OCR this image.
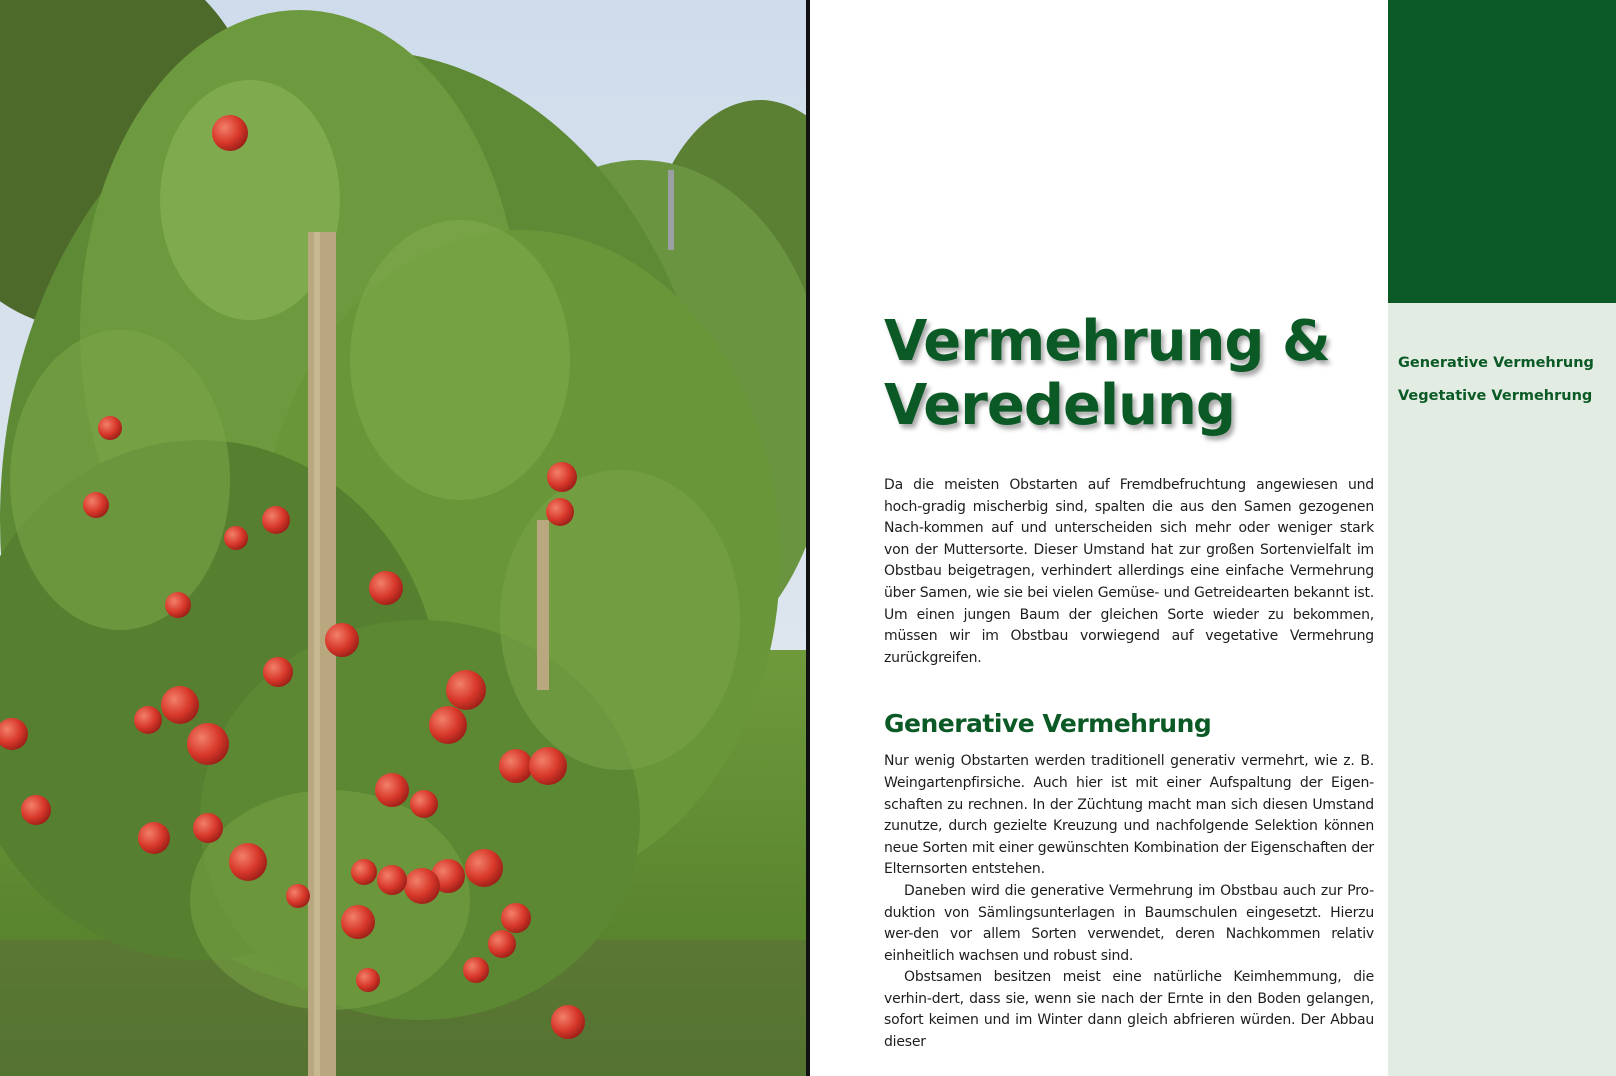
Generative Vermehrung
Vegetative Vermehrung
Vermehrung &
Veredelung

Da die meisten Obstarten auf Fremdbefruchtung angewiesen und hoch-gradig mischerbig sind, spalten die aus den Samen gezogenen Nach-kommen auf und unterscheiden sich mehr oder weniger stark von der Muttersorte. Dieser Umstand hat zur großen Sortenvielfalt im Obstbau beigetragen, verhindert allerdings eine einfache Vermehrung über Samen, wie sie bei vielen Gemüse- und Getreidearten bekannt ist. Um einen jungen Baum der gleichen Sorte wieder zu bekommen, müssen wir im Obstbau vorwiegend auf vegetative Vermehrung zurückgreifen.

Generative Vermehrung

Nur wenig Obstarten werden traditionell generativ vermehrt, wie z. B. Weingartenpfirsiche. Auch hier ist mit einer Aufspaltung der Eigen-schaften zu rechnen. In der Züchtung macht man sich diesen Umstand zunutze, durch gezielte Kreuzung und nachfolgende Selektion können neue Sorten mit einer gewünschten Kombination der Eigenschaften der Elternsorten entstehen.

Daneben wird die generative Vermehrung im Obstbau auch zur Pro-duktion von Sämlingsunterlagen in Baumschulen eingesetzt. Hierzu wer-den vor allem Sorten verwendet, deren Nachkommen relativ einheitlich wachsen und robust sind.

Obstsamen besitzen meist eine natürliche Keimhemmung, die verhin-dert, dass sie, wenn sie nach der Ernte in den Boden gelangen, sofort keimen und im Winter dann gleich abfrieren würden. Der Abbau dieser
